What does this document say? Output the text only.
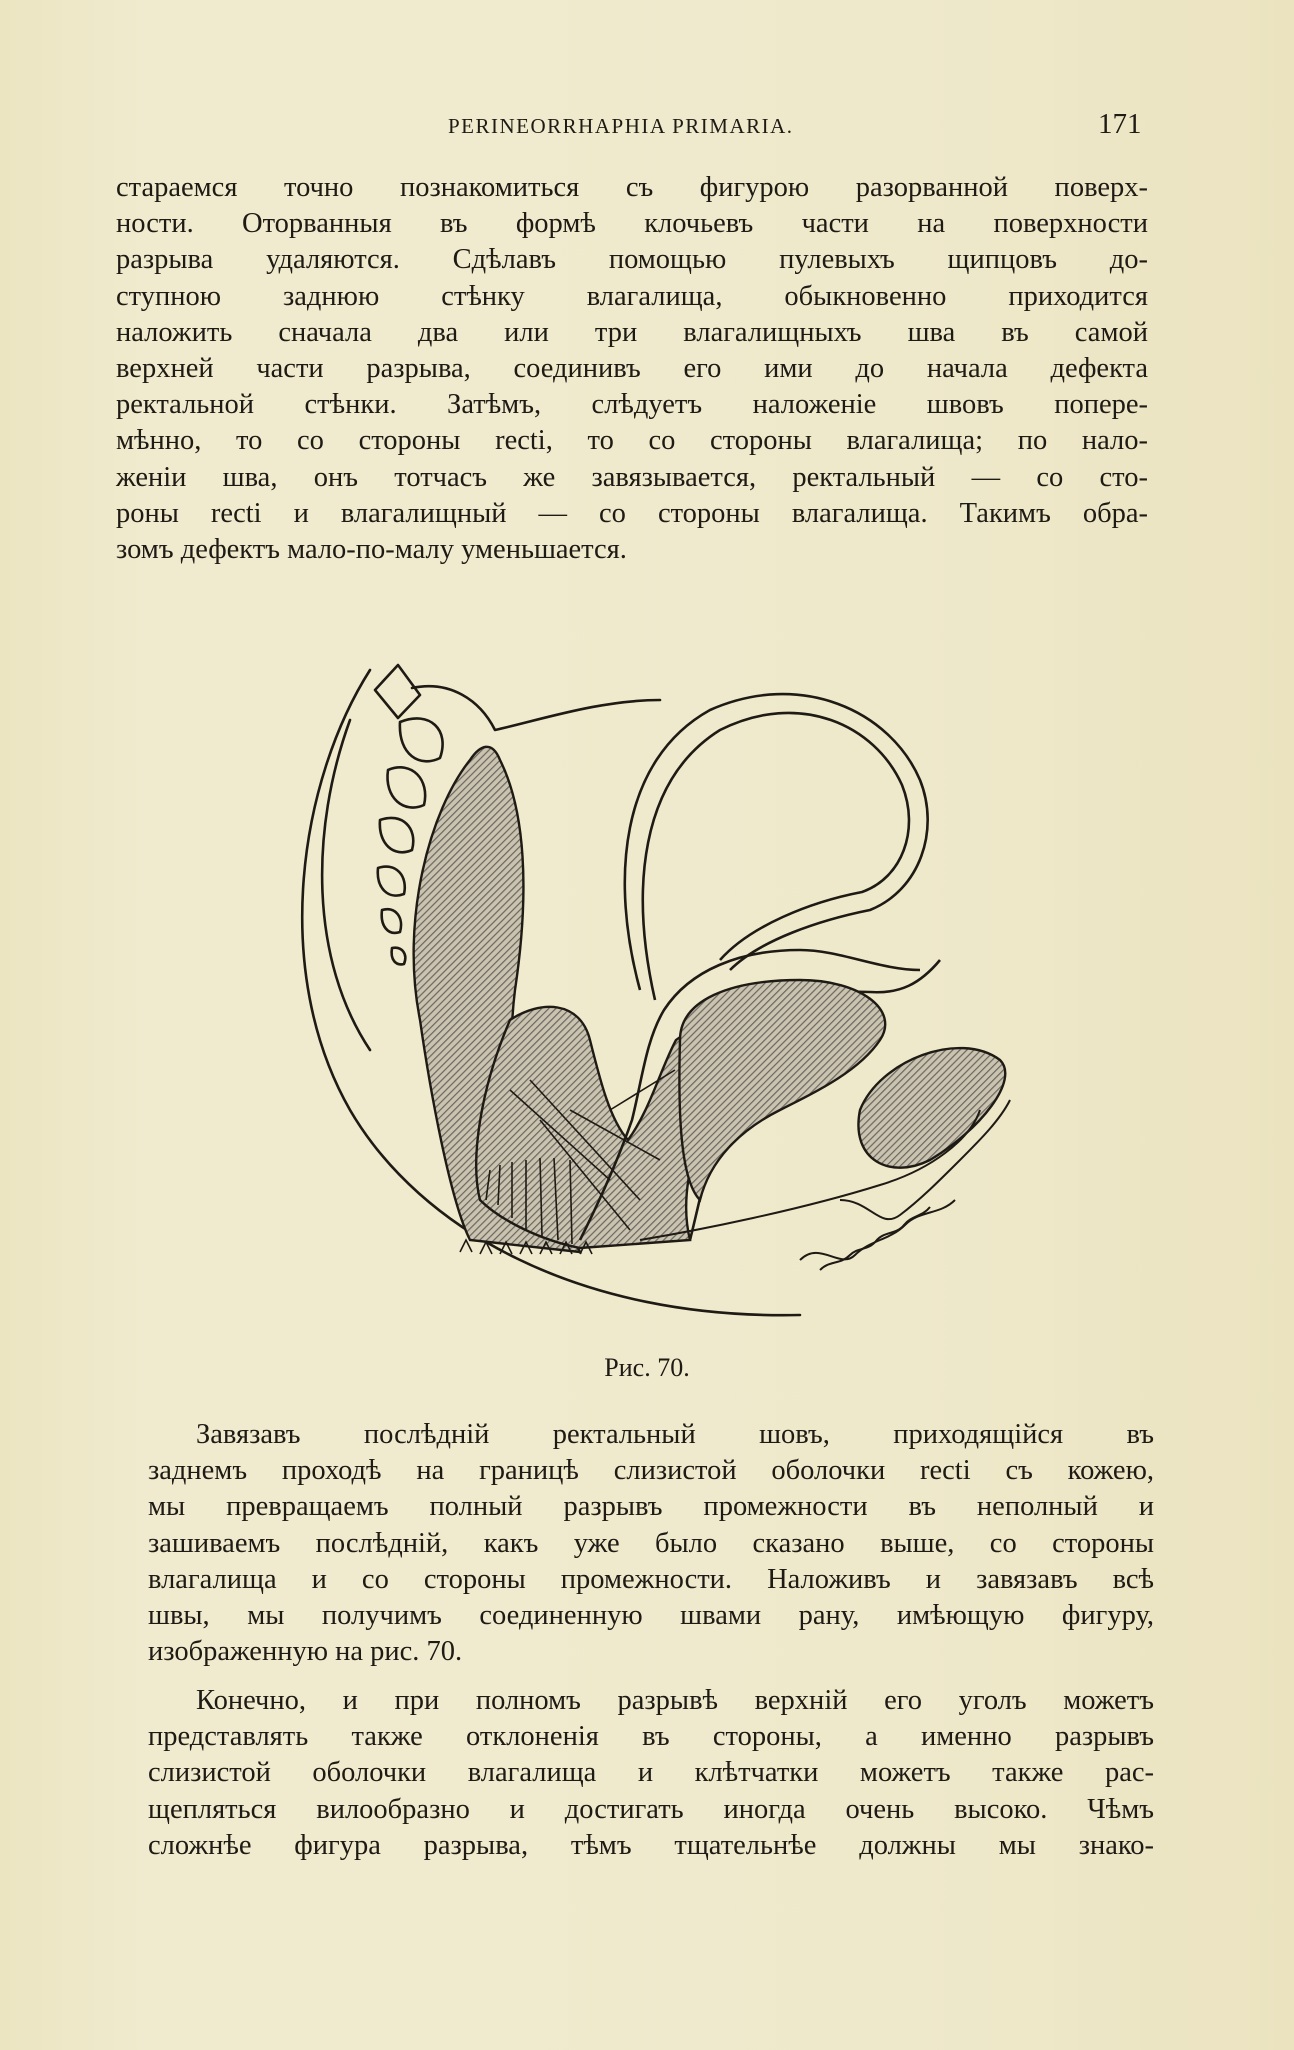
PERINEORRHAPHIA PRIMARIA.	171

стараемся точно познакомиться съ фигурою разорванной поверх-
ности. Оторванныя въ формѣ клочьевъ части на поверхности
разрыва удаляются. Сдѣлавъ помощью пулевыхъ щипцовъ до-
ступною заднюю стѣнку влагалища, обыкновенно приходится
наложить сначала два или три влагалищныхъ шва въ самой
верхней части разрыва, соединивъ его ими до начала дефекта
ректальной стѣнки. Затѣмъ, слѣдуетъ наложеніе швовъ попере-
мѣнно, то со стороны recti, то со стороны влагалища; по нало-
женіи шва, онъ тотчасъ же завязывается, ректальный — со сто-
роны recti и влагалищный — со стороны влагалища. Такимъ обра-
зомъ дефектъ мало-по-малу уменьшается.

Рис. 70.

Завязавъ послѣдній ректальный шовъ, приходящійся въ
заднемъ проходѣ на границѣ слизистой оболочки recti съ кожею,
мы превращаемъ полный разрывъ промежности въ неполный и
зашиваемъ послѣдній, какъ уже было сказано выше, со стороны
влагалища и со стороны промежности. Наложивъ и завязавъ всѣ
швы, мы получимъ соединенную швами рану, имѣющую фигуру,
изображенную на рис. 70.

Конечно, и при полномъ разрывѣ верхній его уголъ можетъ
представлять также отклоненія въ стороны, а именно разрывъ
слизистой оболочки влагалища и клѣтчатки можетъ также рас-
щепляться вилообразно и достигать иногда очень высоко. Чѣмъ
сложнѣе фигура разрыва, тѣмъ тщательнѣе должны мы знако-
